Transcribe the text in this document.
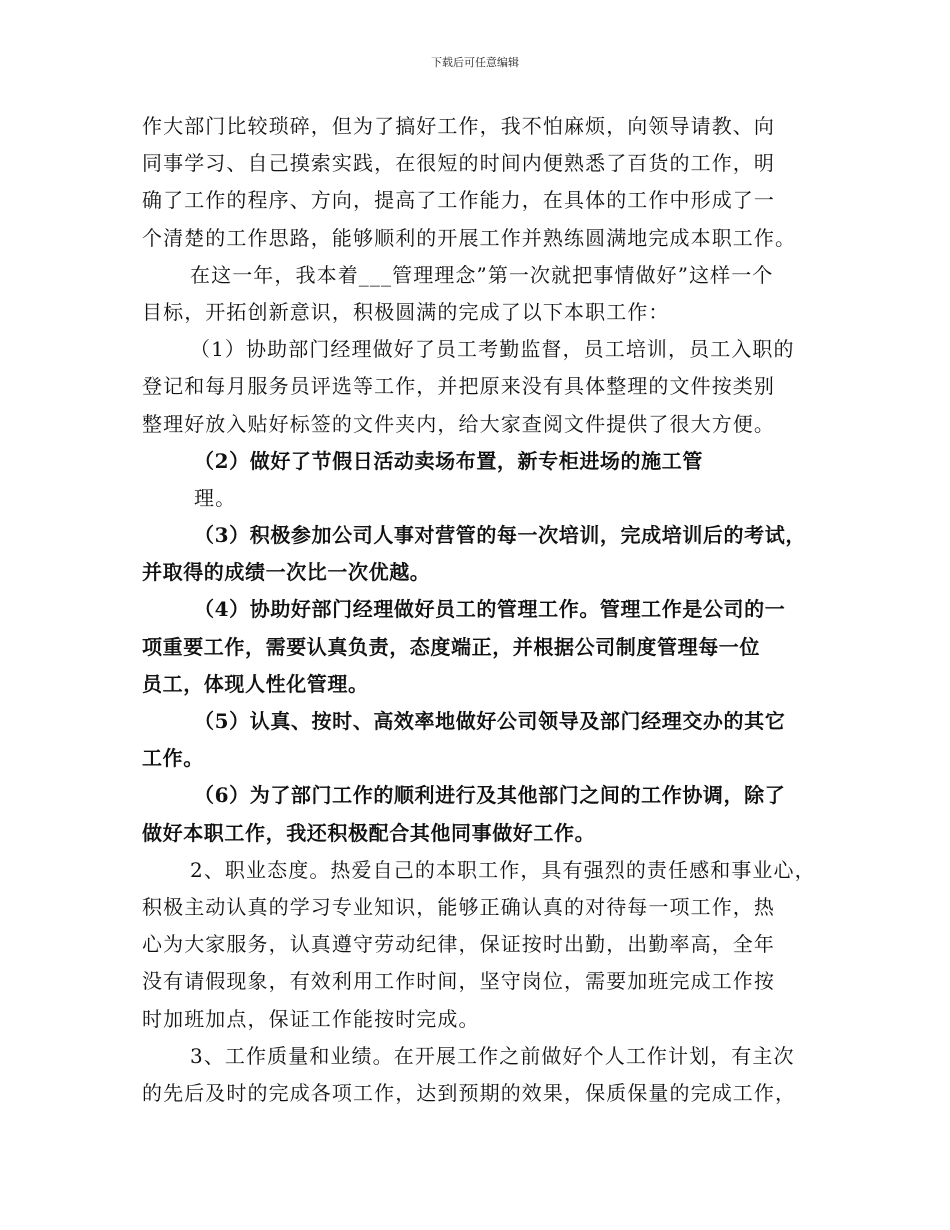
下载后可任意编辑
作大部门比较琐碎，但为了搞好工作，我不怕麻烦，向领导请教、向
同事学习、自己摸索实践，在很短的时间内便熟悉了百货的工作，明
确了工作的程序、方向，提高了工作能力，在具体的工作中形成了一
个清楚的工作思路，能够顺利的开展工作并熟练圆满地完成本职工作。
在这一年，我本着___管理理念”第一次就把事情做好”这样一个
目标，开拓创新意识，积极圆满的完成了以下本职工作：
（1）协助部门经理做好了员工考勤监督，员工培训，员工入职的
登记和每月服务员评选等工作，并把原来没有具体整理的文件按类别
整理好放入贴好标签的文件夹内，给大家查阅文件提供了很大方便。
（2）做好了节假日活动卖场布置，新专柜进场的施工管
理。
（3）积极参加公司人事对营管的每一次培训，完成培训后的考试，
并取得的成绩一次比一次优越。
（4）协助好部门经理做好员工的管理工作。管理工作是公司的一
项重要工作，需要认真负责，态度端正，并根据公司制度管理每一位
员工，体现人性化管理。
（5）认真、按时、高效率地做好公司领导及部门经理交办的其它
工作。
（6）为了部门工作的顺利进行及其他部门之间的工作协调，除了
做好本职工作，我还积极配合其他同事做好工作。
2、职业态度。热爱自己的本职工作，具有强烈的责任感和事业心，
积极主动认真的学习专业知识，能够正确认真的对待每一项工作，热
心为大家服务，认真遵守劳动纪律，保证按时出勤，出勤率高，全年
没有请假现象，有效利用工作时间，坚守岗位，需要加班完成工作按
时加班加点，保证工作能按时完成。
3、工作质量和业绩。在开展工作之前做好个人工作计划，有主次
的先后及时的完成各项工作，达到预期的效果，保质保量的完成工作，
